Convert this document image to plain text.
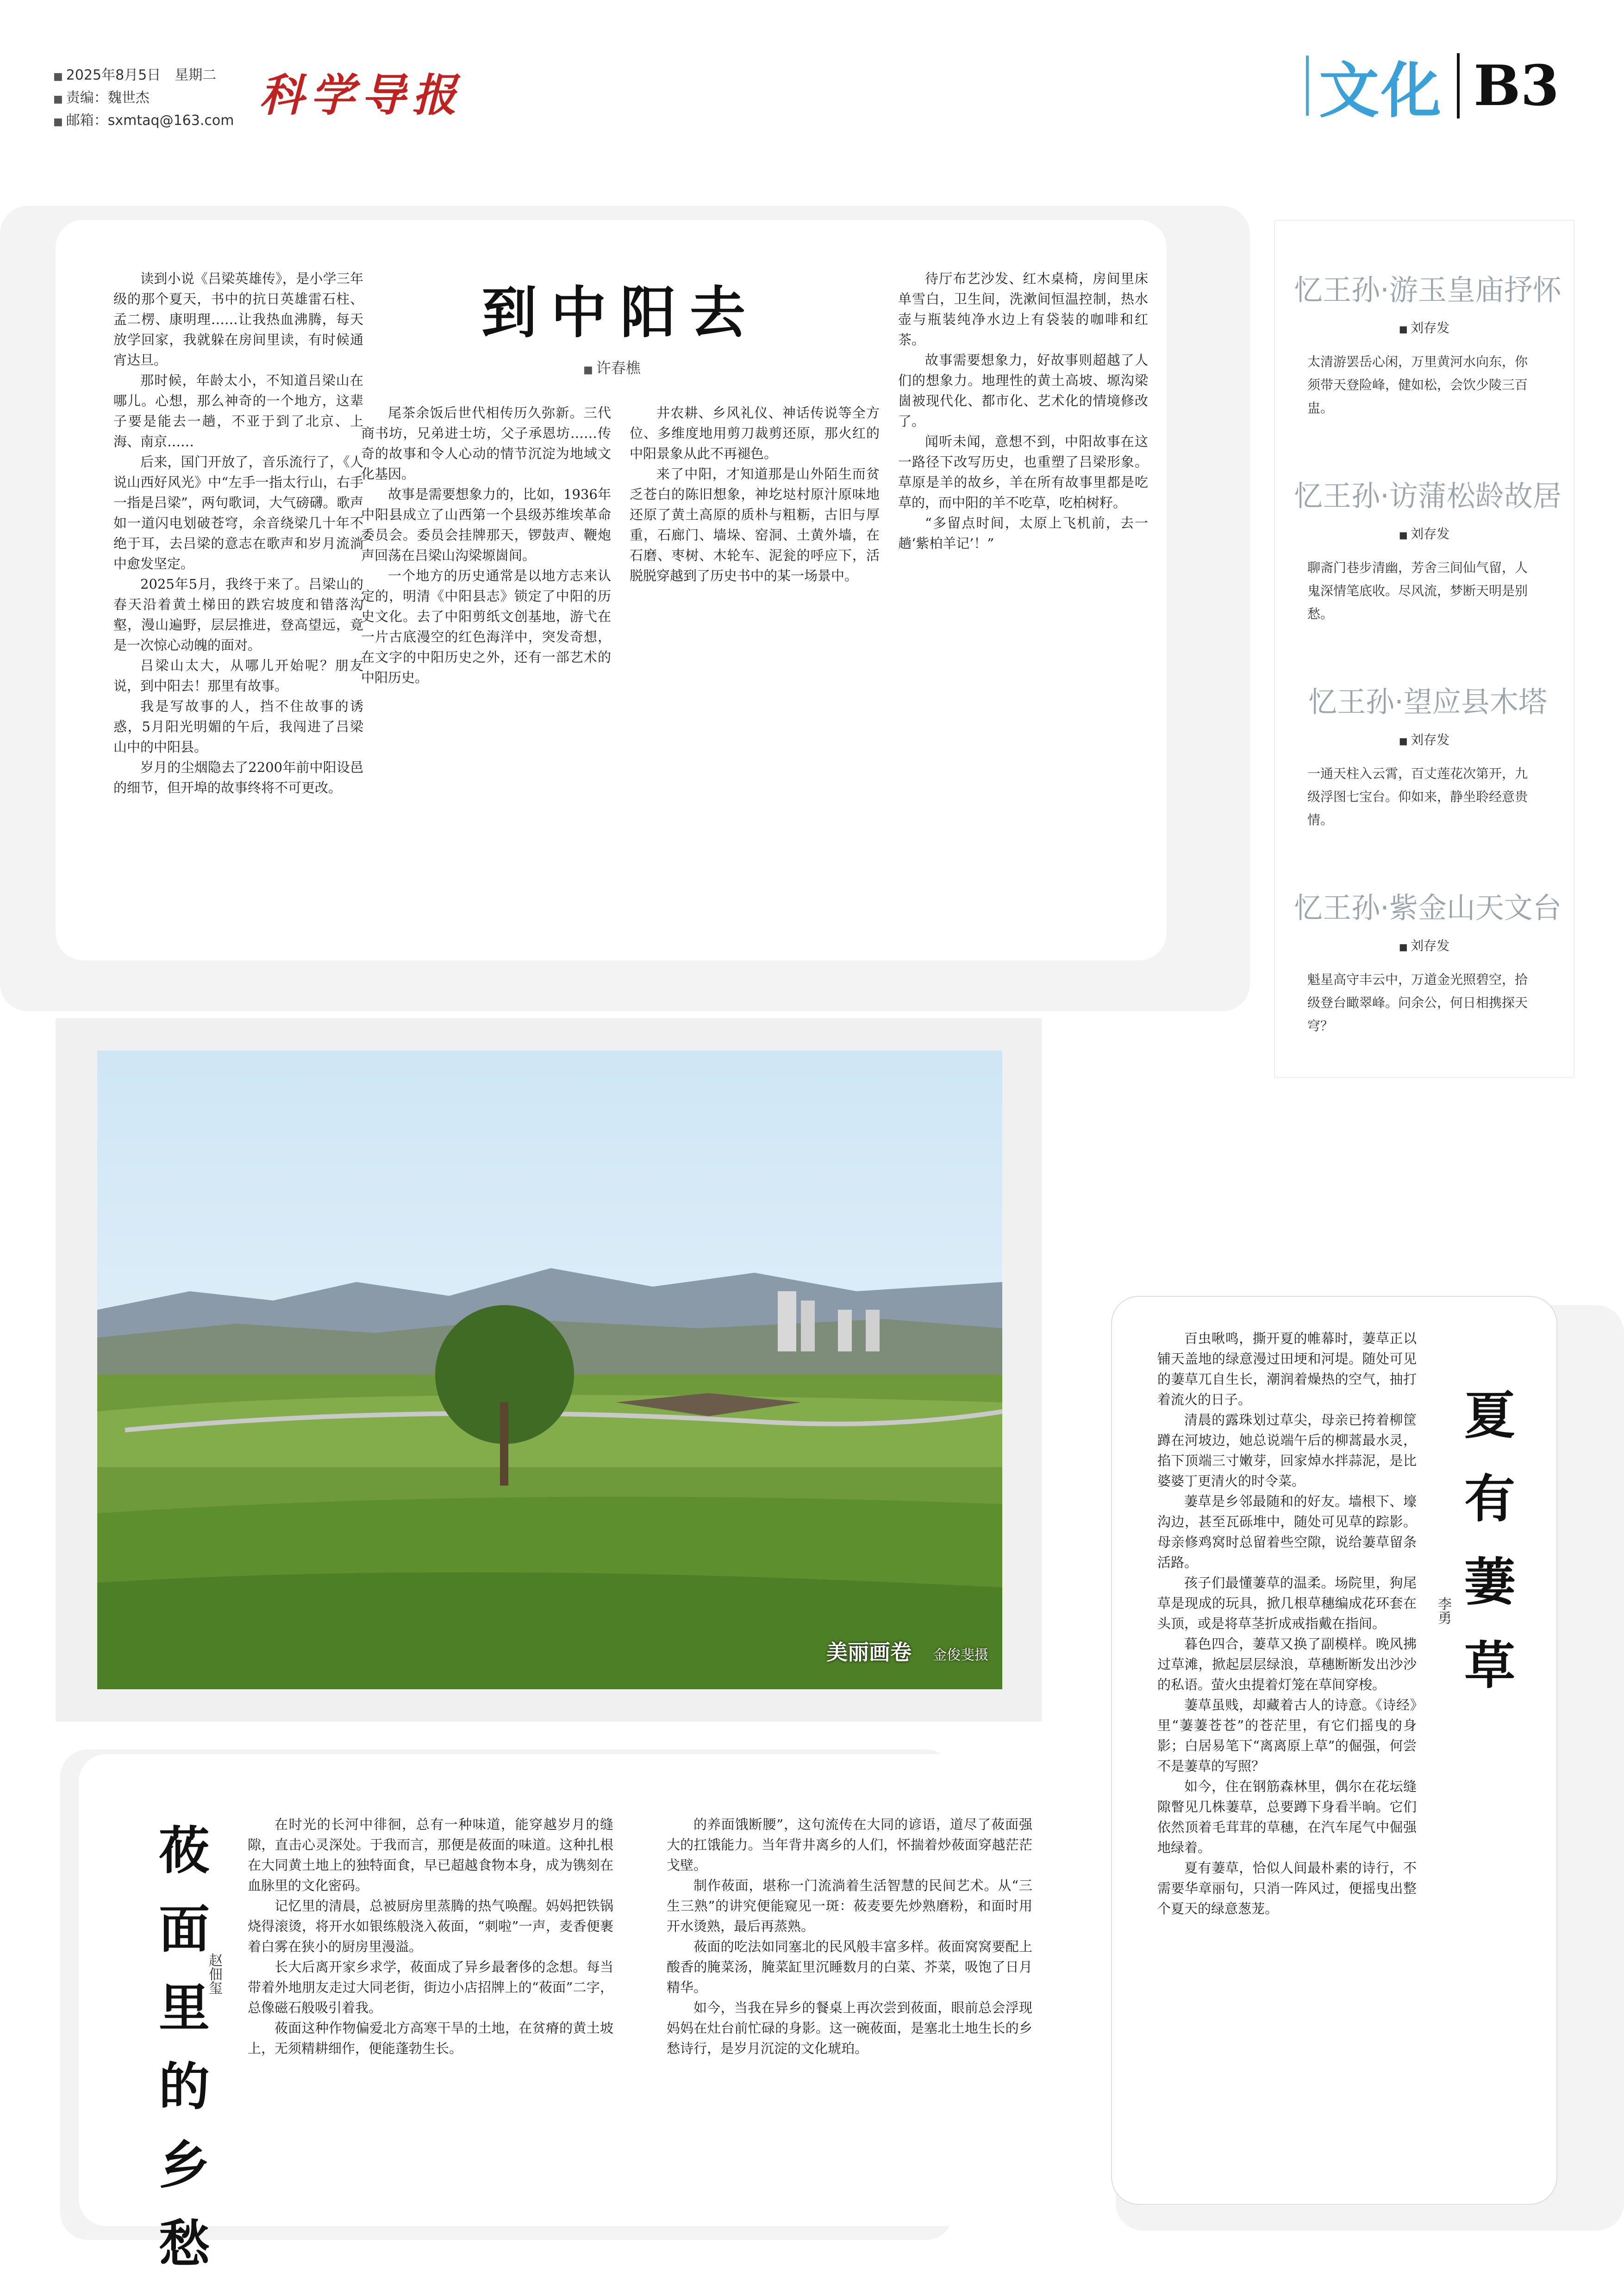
■ 2025年8月5日　星期二
■ 责编：魏世杰
■ 邮箱：sxmtaq@163.com 科学导报	文化 B3
到中阳去
■ 许春樵

读到小说《吕梁英雄传》，是小学三年级的那个夏天，书中的抗日英雄雷石柱、孟二楞、康明理……让我热血沸腾，每天放学回家，我就躲在房间里读，有时候通宵达旦。

那时候，年龄太小，不知道吕梁山在哪儿。心想，那么神奇的一个地方，这辈子要是能去一趟，不亚于到了北京、上海、南京……

后来，国门开放了，音乐流行了，《人说山西好风光》中“左手一指太行山，右手一指是吕梁”，两句歌词，大气磅礴。歌声如一道闪电划破苍穹，余音绕梁几十年不绝于耳，去吕梁的意志在歌声和岁月流淌中愈发坚定。

2025年5月，我终于来了。吕梁山的春天沿着黄土梯田的跌宕坡度和错落沟壑，漫山遍野，层层推进，登高望远，竟是一次惊心动魄的面对。

吕梁山太大，从哪儿开始呢？朋友说，到中阳去！那里有故事。

我是写故事的人，挡不住故事的诱惑，5月阳光明媚的午后，我闯进了吕梁山中的中阳县。

岁月的尘烟隐去了2200年前中阳设邑的细节，但开埠的故事终将不可更改。

尾茶余饭后世代相传历久弥新。三代商书坊，兄弟进士坊，父子承恩坊……传奇的故事和令人心动的情节沉淀为地域文化基因。

故事是需要想象力的，比如，1936年中阳县成立了山西第一个县级苏维埃革命委员会。委员会挂牌那天，锣鼓声、鞭炮声回荡在吕梁山沟梁塬崮间。

一个地方的历史通常是以地方志来认定的，明清《中阳县志》锁定了中阳的历史文化。去了中阳剪纸文创基地，游弋在一片古底漫空的红色海洋中，突发奇想，在文字的中阳历史之外，还有一部艺术的中阳历史。

井农耕、乡风礼仪、神话传说等全方位、多维度地用剪刀裁剪还原，那火红的中阳景象从此不再褪色。

来了中阳，才知道那是山外陌生而贫乏苍白的陈旧想象，神圪垯村原汁原味地还原了黄土高原的质朴与粗粝，古旧与厚重，石廊门、墙垛、窑洞、土黄外墙，在石磨、枣树、木轮车、泥瓮的呼应下，活脱脱穿越到了历史书中的某一场景中。

待厅布艺沙发、红木桌椅，房间里床单雪白，卫生间，洗漱间恒温控制，热水壶与瓶装纯净水边上有袋装的咖啡和红茶。

故事需要想象力，好故事则超越了人们的想象力。地理性的黄土高坡、塬沟梁崮被现代化、都市化、艺术化的情境修改了。

闻听未闻，意想不到，中阳故事在这一路径下改写历史，也重塑了吕梁形象。草原是羊的故乡，羊在所有故事里都是吃草的，而中阳的羊不吃草，吃柏树籽。

“多留点时间，太原上飞机前，去一趟‘紫柏羊记’！”

忆王孙·游玉皇庙抒怀
■ 刘存发
太清游罢岳心闲，万里黄河水向东，你须带天登险峰，健如松，会饮少陵三百盅。
忆王孙·访蒲松龄故居
■ 刘存发
聊斋门巷步清幽，芳舍三间仙气留，人鬼深情笔底收。尽风流，梦断天明是别愁。
忆王孙·望应县木塔
■ 刘存发
一通天柱入云霄，百丈莲花次第开，九级浮图七宝台。仰如来，静坐聆经意贵情。
忆王孙·紫金山天文台
■ 刘存发
魁星高守丰云中，万道金光照碧空，拾级登台瞰翠峰。问余公，何日相携探天穹？
美丽画卷 金俊斐摄

百虫啾鸣，撕开夏的帷幕时，萋草正以铺天盖地的绿意漫过田埂和河堤。随处可见的萋草兀自生长，潮润着燥热的空气，抽打着流火的日子。

清晨的露珠划过草尖，母亲已挎着柳筐蹲在河坡边，她总说端午后的柳蒿最水灵，掐下顶端三寸嫩芽，回家焯水拌蒜泥，是比婆婆丁更清火的时令菜。

萋草是乡邻最随和的好友。墙根下、壕沟边，甚至瓦砾堆中，随处可见草的踪影。母亲修鸡窝时总留着些空隙，说给萋草留条活路。

孩子们最懂萋草的温柔。场院里，狗尾草是现成的玩具，掀几根草穗编成花环套在头顶，或是将草茎折成戒指戴在指间。

暮色四合，萋草又换了副模样。晚风拂过草滩，掀起层层绿浪，草穗断断发出沙沙的私语。萤火虫提着灯笼在草间穿梭。

萋草虽贱，却藏着古人的诗意。《诗经》里“萋萋苍苍”的苍茫里，有它们摇曳的身影；白居易笔下“离离原上草”的倔强，何尝不是萋草的写照？

如今，住在钢筋森林里，偶尔在花坛缝隙瞥见几株萋草，总要蹲下身看半晌。它们依然顶着毛茸茸的草穗，在汽车尾气中倔强地绿着。

夏有萋草，恰似人间最朴素的诗行，不需要华章丽句，只消一阵风过，便摇曳出整个夏天的绿意葱茏。

夏有萋草
李勇
莜面里的乡愁
赵佃玺

在时光的长河中徘徊，总有一种味道，能穿越岁月的缝隙，直击心灵深处。于我而言，那便是莜面的味道。这种扎根在大同黄土地上的独特面食，早已超越食物本身，成为镌刻在血脉里的文化密码。

记忆里的清晨，总被厨房里蒸腾的热气唤醒。妈妈把铁锅烧得滚烫，将开水如银练般浇入莜面，“刺啦”一声，麦香便裹着白雾在狭小的厨房里漫溢。

长大后离开家乡求学，莜面成了异乡最奢侈的念想。每当带着外地朋友走过大同老街，街边小店招牌上的“莜面”二字，总像磁石般吸引着我。

莜面这种作物偏爱北方高寒干旱的土地，在贫瘠的黄土坡上，无须精耕细作，便能蓬勃生长。

的养面饿断腰”，这句流传在大同的谚语，道尽了莜面强大的扛饿能力。当年背井离乡的人们，怀揣着炒莜面穿越茫茫戈壁。

制作莜面，堪称一门流淌着生活智慧的民间艺术。从“三生三熟”的讲究便能窥见一斑：莜麦要先炒熟磨粉，和面时用开水烫熟，最后再蒸熟。

莜面的吃法如同塞北的民风般丰富多样。莜面窝窝要配上酸香的腌菜汤，腌菜缸里沉睡数月的白菜、芥菜，吸饱了日月精华。

如今，当我在异乡的餐桌上再次尝到莜面，眼前总会浮现妈妈在灶台前忙碌的身影。这一碗莜面，是塞北土地生长的乡愁诗行，是岁月沉淀的文化琥珀。
